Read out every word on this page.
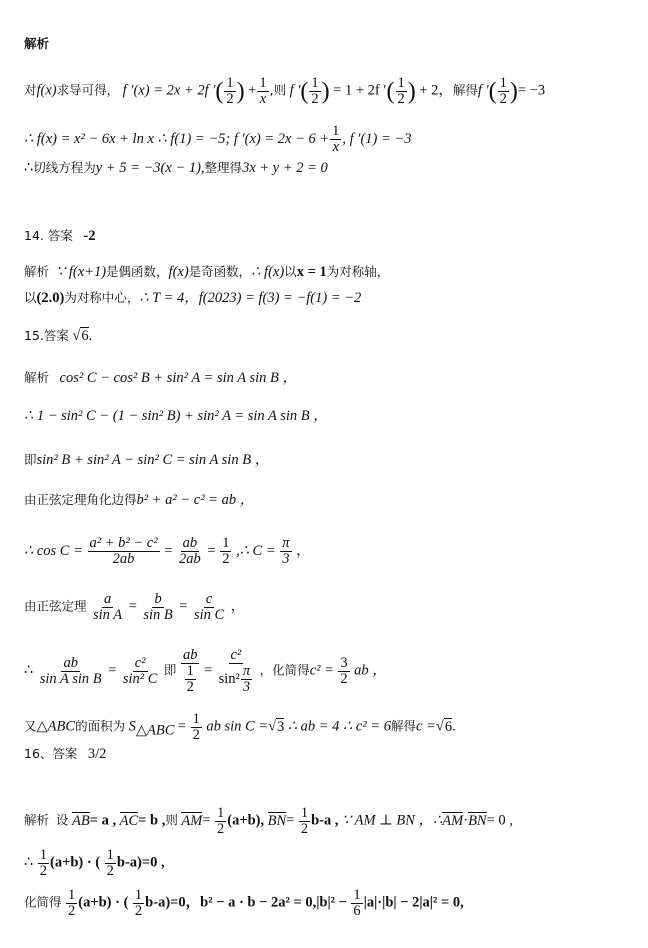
解析
对f(x)求导可得， f ′(x) = 2x + 2f ′( $\frac{1}{2}$ ) + $\frac{1}{x}$ ,则 f ′( $\frac{1}{2}$ ) = 1 + 2f ′( $\frac{1}{2}$ ) + 2，解得f ′( $\frac{1}{2}$ )= −3
∴ f(x) = x² − 6x + ln x ∴ f(1) = −5; f $'(x) = 2x - 6 + \frac{1}{x}$ , f ′(1) = −3
∴切线方程为y + 5 = −3(x − 1),整理得3x + y + 2 = 0
14. 答案 -2
解析 ∵ f(x+1)是偶函数，f(x)是奇函数，∴ f(x)以x = 1为对称轴，
以(2.0)为对称中心，∴ T = 4，f(2023) = f(3) = −f(1) = −2
15.答案 √6.
解析 cos² C − cos² B + sin² A = sin A sin B ，
∴ 1 − sin² C − (1 − sin² B) + sin² A = sin A sin B ，
即sin² B + sin² A − sin² C = sin A sin B ，
由正弦定理角化边得b² + a² − c² = ab ，
∴ $\cos C = \frac{\text{a² + b² − c²}}{2ab} = \frac{ab}{2ab} = \frac{1}{2}$ ,∴ $C = \frac{\pi}{3}$ ，
由正弦定理 $\frac{a}{\text{sin A}} = \frac{b}{\text{sin B}} = \frac{c}{\text{sin C}}$ ，
∴ $\frac{ab}{\text{sin A sin B}} = \frac{\text{c²}}{\text{sin² C}}$ 即 $\frac{ab}{\frac{1}{2}} = \frac{\text{c²}}{\sin^2 \frac{\pi}{3}}$ ，化简得$c^2 = \frac{3}{2}$ ab ，
又△ABC的面积为 $S_{\triangle ABC} = \frac{1}{2}$ ab sin C =√3 ∴ ab = 4 ∴ c² = 6解得c =√6.
16、答案 3/2
解析 设 AB= a , AC= b ,则 $AM= \frac{1}{2} (a+b)$, $BN= \frac{1}{2} b-a$ , ∵ AM ⊥ BN ，∴AM·BN= 0 ,
∴ $\frac{1}{2} (a+b)$ · ( $\frac{1}{2} b-a)=0$ ,
化简得 $\frac{1}{2} (a+b)$ · ( $\frac{1}{2} b-a)=0$，$b^2 - a \cdot b - 2a^2 = 0,|b|^2 - \frac{1}{6} |a|\cdot|b| - 2|a|^2 = 0$,
